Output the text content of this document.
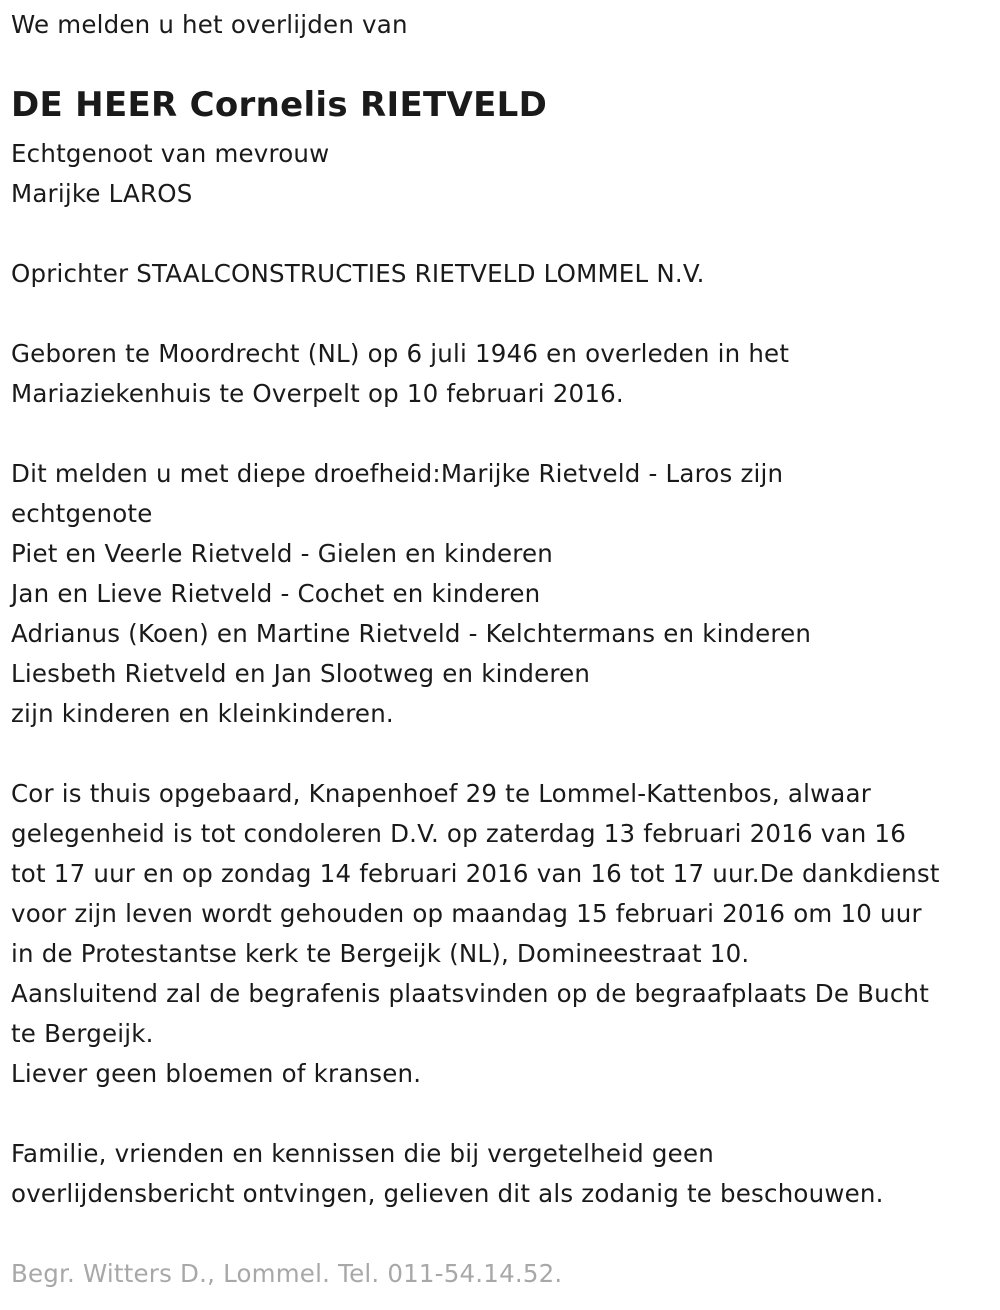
We melden u het overlijden van
DE HEER Cornelis RIETVELD
Echtgenoot van mevrouw
Marijke LAROS
Oprichter STAALCONSTRUCTIES RIETVELD LOMMEL N.V.
Geboren te Moordrecht (NL) op 6 juli 1946 en overleden in het
Mariaziekenhuis te Overpelt op 10 februari 2016.
Dit melden u met diepe droefheid:Marijke Rietveld - Laros zijn
echtgenote
Piet en Veerle Rietveld - Gielen en kinderen
Jan en Lieve Rietveld - Cochet en kinderen
Adrianus (Koen) en Martine Rietveld - Kelchtermans en kinderen
Liesbeth Rietveld en Jan Slootweg en kinderen
zijn kinderen en kleinkinderen.
Cor is thuis opgebaard, Knapenhoef 29 te Lommel-Kattenbos, alwaar
gelegenheid is tot condoleren D.V. op zaterdag 13 februari 2016 van 16
tot 17 uur en op zondag 14 februari 2016 van 16 tot 17 uur.De dankdienst
voor zijn leven wordt gehouden op maandag 15 februari 2016 om 10 uur
in de Protestantse kerk te Bergeijk (NL), Domineestraat 10.
Aansluitend zal de begrafenis plaatsvinden op de begraafplaats De Bucht
te Bergeijk.
Liever geen bloemen of kransen.
Familie, vrienden en kennissen die bij vergetelheid geen
overlijdensbericht ontvingen, gelieven dit als zodanig te beschouwen.
Begr. Witters D., Lommel. Tel. 011-54.14.52.
